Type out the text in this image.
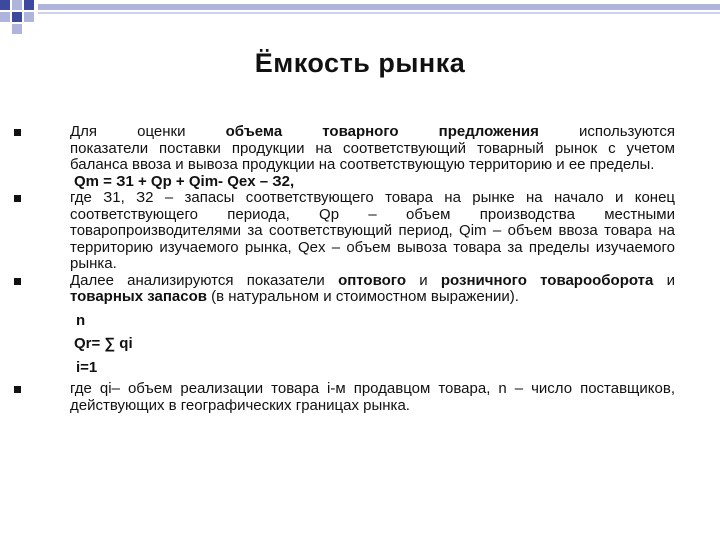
Ёмкость рынка

Для оценки объема товарного предложения используются

показатели поставки продукции на соответствующий товарный рынок с учетом баланса ввоза и вывоза продукции на соответствующую территорию и ее пределы.

Qm = З1 + Qp + Qim- Qex – З2,

где З1, З2 – запасы соответствующего товара на рынке на начало и конец соответствующего периода, Qp – объем производства местными товаропроизводителями за соответствующий период, Qim – объем ввоза товара на территорию изучаемого рынка, Qex – объем вывоза товара за пределы изучаемого рынка.

Далее анализируются показатели оптового и розничного товарооборота и товарных запасов (в натуральном и стоимостном выражении).

n

Qr= ∑ qi

i=1

где qi– объем реализации товара i-м продавцом товара, n – число поставщиков, действующих в географических границах рынка.
